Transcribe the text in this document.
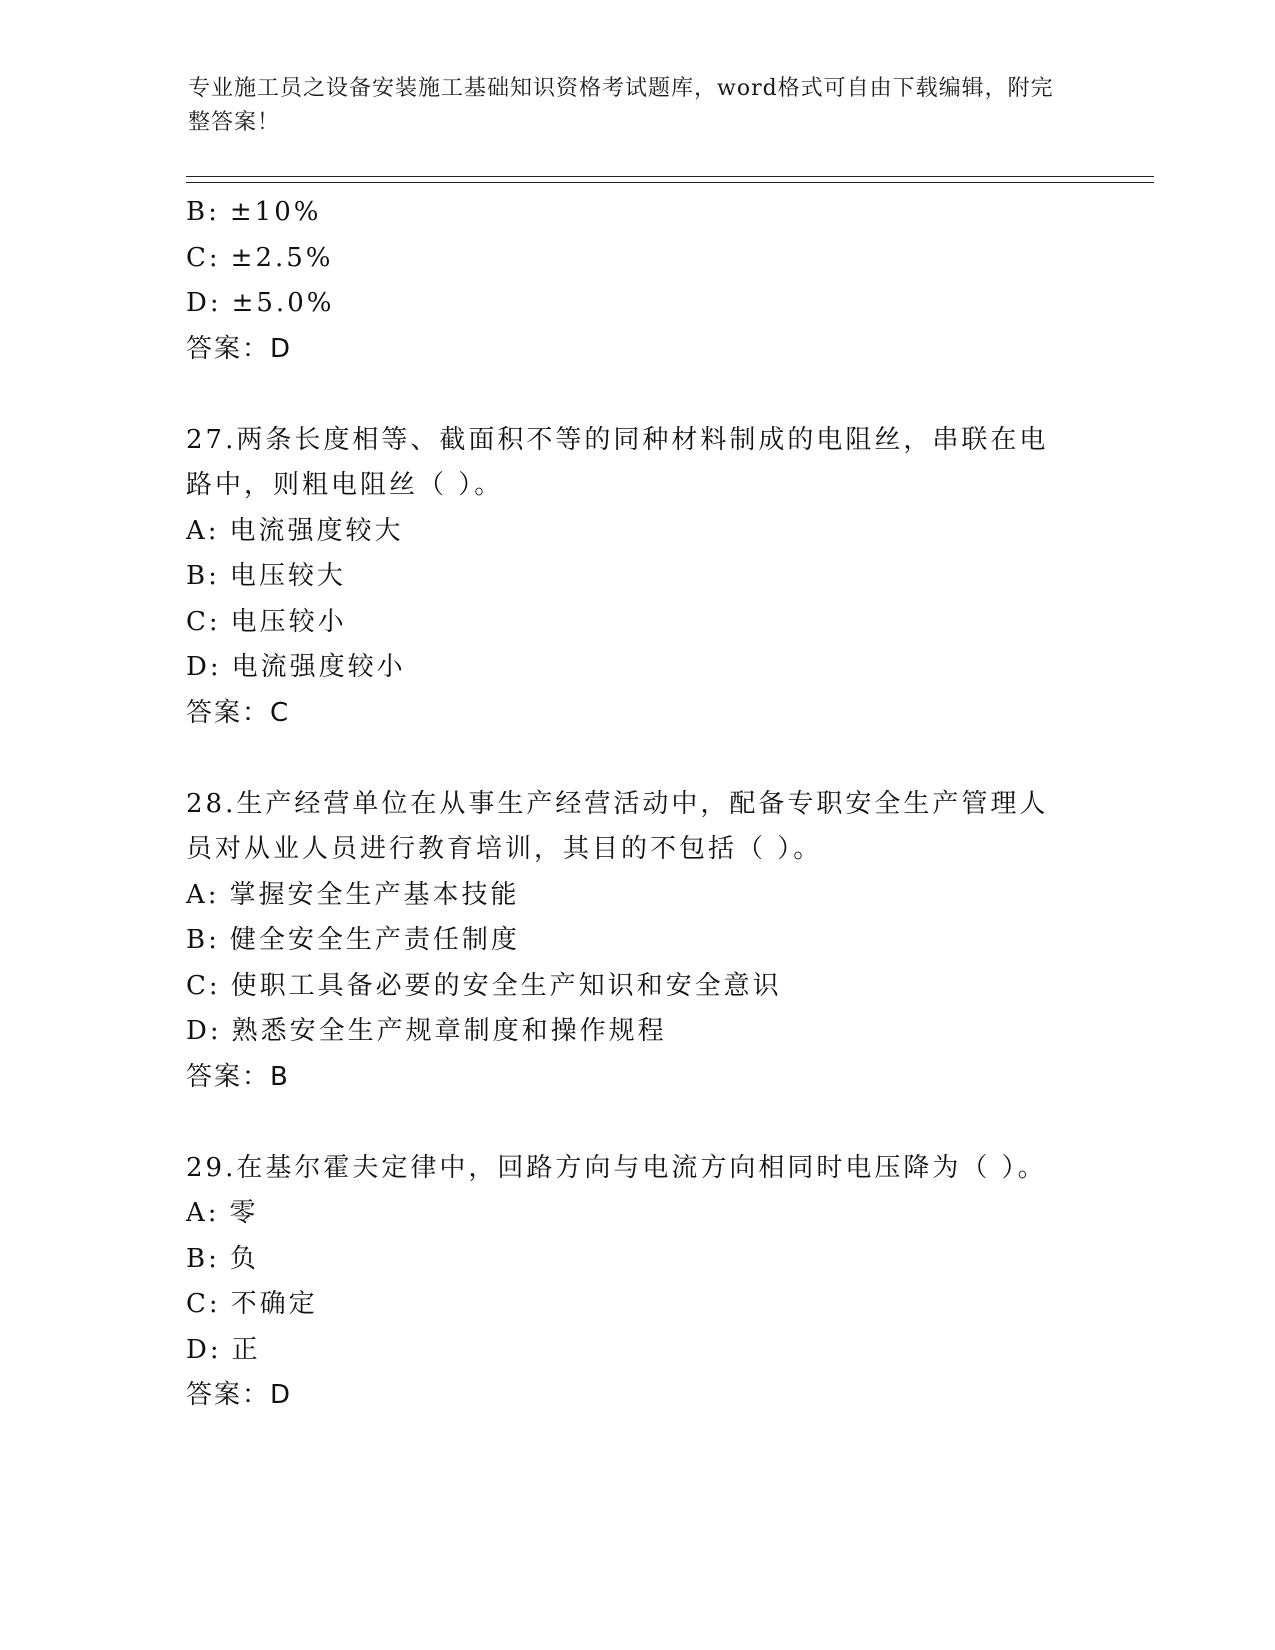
专业施工员之设备安装施工基础知识资格考试题库，word格式可自由下载编辑，附完整答案！
B: ±10%
C: ±2.5%
D: ±5.0%
答案：D
27.两条长度相等、截面积不等的同种材料制成的电阻丝，串联在电路中，则粗电阻丝（ ）。
A: 电流强度较大
B: 电压较大
C: 电压较小
D: 电流强度较小
答案：C
28.生产经营单位在从事生产经营活动中，配备专职安全生产管理人员对从业人员进行教育培训，其目的不包括（ ）。
A: 掌握安全生产基本技能
B: 健全安全生产责任制度
C: 使职工具备必要的安全生产知识和安全意识
D: 熟悉安全生产规章制度和操作规程
答案：B
29.在基尔霍夫定律中，回路方向与电流方向相同时电压降为（ ）。
A: 零
B: 负
C: 不确定
D: 正
答案：D
